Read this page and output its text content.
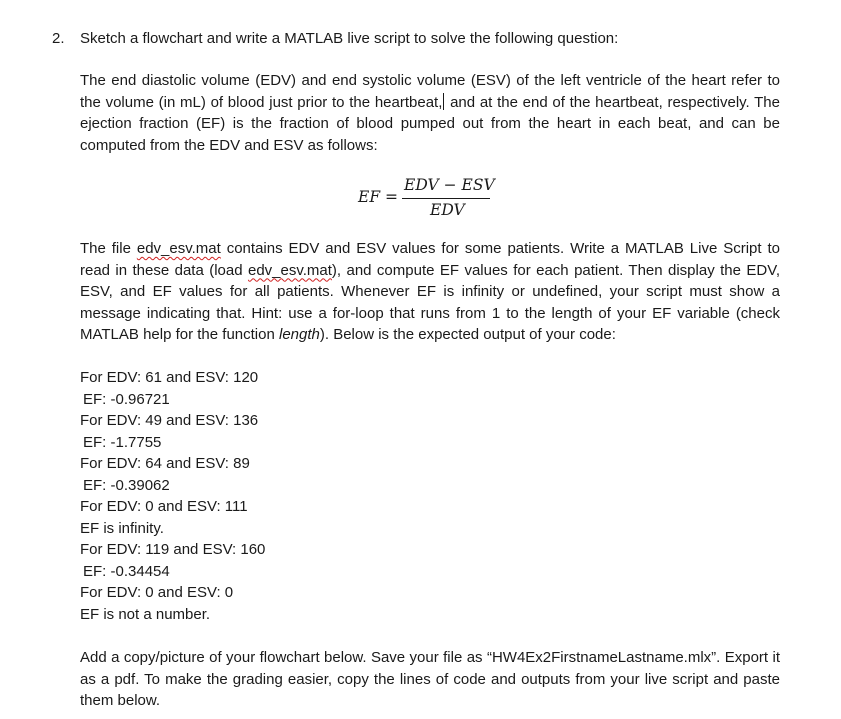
2. Sketch a flowchart and write a MATLAB live script to solve the following question:
The end diastolic volume (EDV) and end systolic volume (ESV) of the left ventricle of the heart refer to the volume (in mL) of blood just prior to the heartbeat, and at the end of the heartbeat, respectively. The ejection fraction (EF) is the fraction of blood pumped out from the heart in each beat, and can be computed from the EDV and ESV as follows:
EF =
EDV − ESV
EDV
The file edv_esv.mat contains EDV and ESV values for some patients. Write a MATLAB Live Script to read in these data (load edv_esv.mat), and compute EF values for each patient. Then display the EDV, ESV, and EF values for all patients. Whenever EF is infinity or undefined, your script must show a message indicating that. Hint: use a for-loop that runs from 1 to the length of your EF variable (check MATLAB help for the function length). Below is the expected output of your code:
For EDV: 61 and ESV: 120
EF: -0.96721
For EDV: 49 and ESV: 136
EF: -1.7755
For EDV: 64 and ESV: 89
EF: -0.39062
For EDV: 0 and ESV: 111
EF is infinity.
For EDV: 119 and ESV: 160
EF: -0.34454
For EDV: 0 and ESV: 0
EF is not a number.
Add a copy/picture of your flowchart below. Save your file as “HW4Ex2FirstnameLastname.mlx”. Export it as a pdf. To make the grading easier, copy the lines of code and outputs from your live script and paste them below.
